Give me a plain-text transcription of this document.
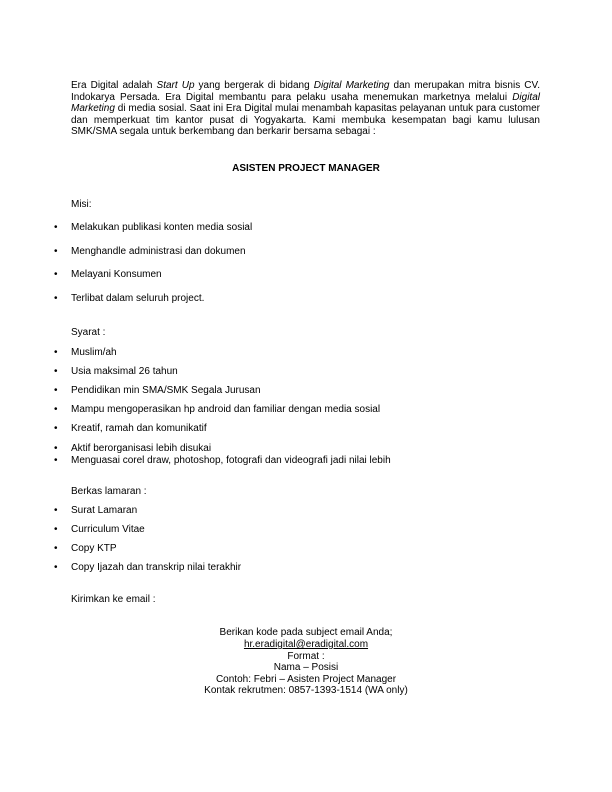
Era Digital adalah Start Up yang bergerak di bidang Digital Marketing dan merupakan mitra bisnis CV. Indokarya Persada. Era Digital membantu para pelaku usaha menemukan marketnya melalui Digital Marketing di media sosial. Saat ini Era Digital mulai menambah kapasitas pelayanan untuk para customer dan memperkuat tim kantor pusat di Yogyakarta. Kami membuka kesempatan bagi kamu lulusan SMK/SMA segala untuk berkembang dan berkarir bersama sebagai :
ASISTEN PROJECT MANAGER
Misi:
• Melakukan publikasi konten media sosial
• Menghandle administrasi dan dokumen
• Melayani Konsumen
• Terlibat dalam seluruh project.
Syarat :
• Muslim/ah
• Usia maksimal 26 tahun
• Pendidikan min SMA/SMK Segala Jurusan
• Mampu mengoperasikan hp android dan familiar dengan media sosial
• Kreatif, ramah dan komunikatif
• Aktif berorganisasi lebih disukai
• Menguasai corel draw, photoshop, fotografi dan videografi jadi nilai lebih
Berkas lamaran :
• Surat Lamaran
• Curriculum Vitae
• Copy KTP
• Copy Ijazah dan transkrip nilai terakhir
Kirimkan ke email :
Berikan kode pada subject email Anda;
hr.eradigital@eradigital.com
Format :
Nama – Posisi
Contoh: Febri – Asisten Project Manager
Kontak rekrutmen: 0857-1393-1514 (WA only)
